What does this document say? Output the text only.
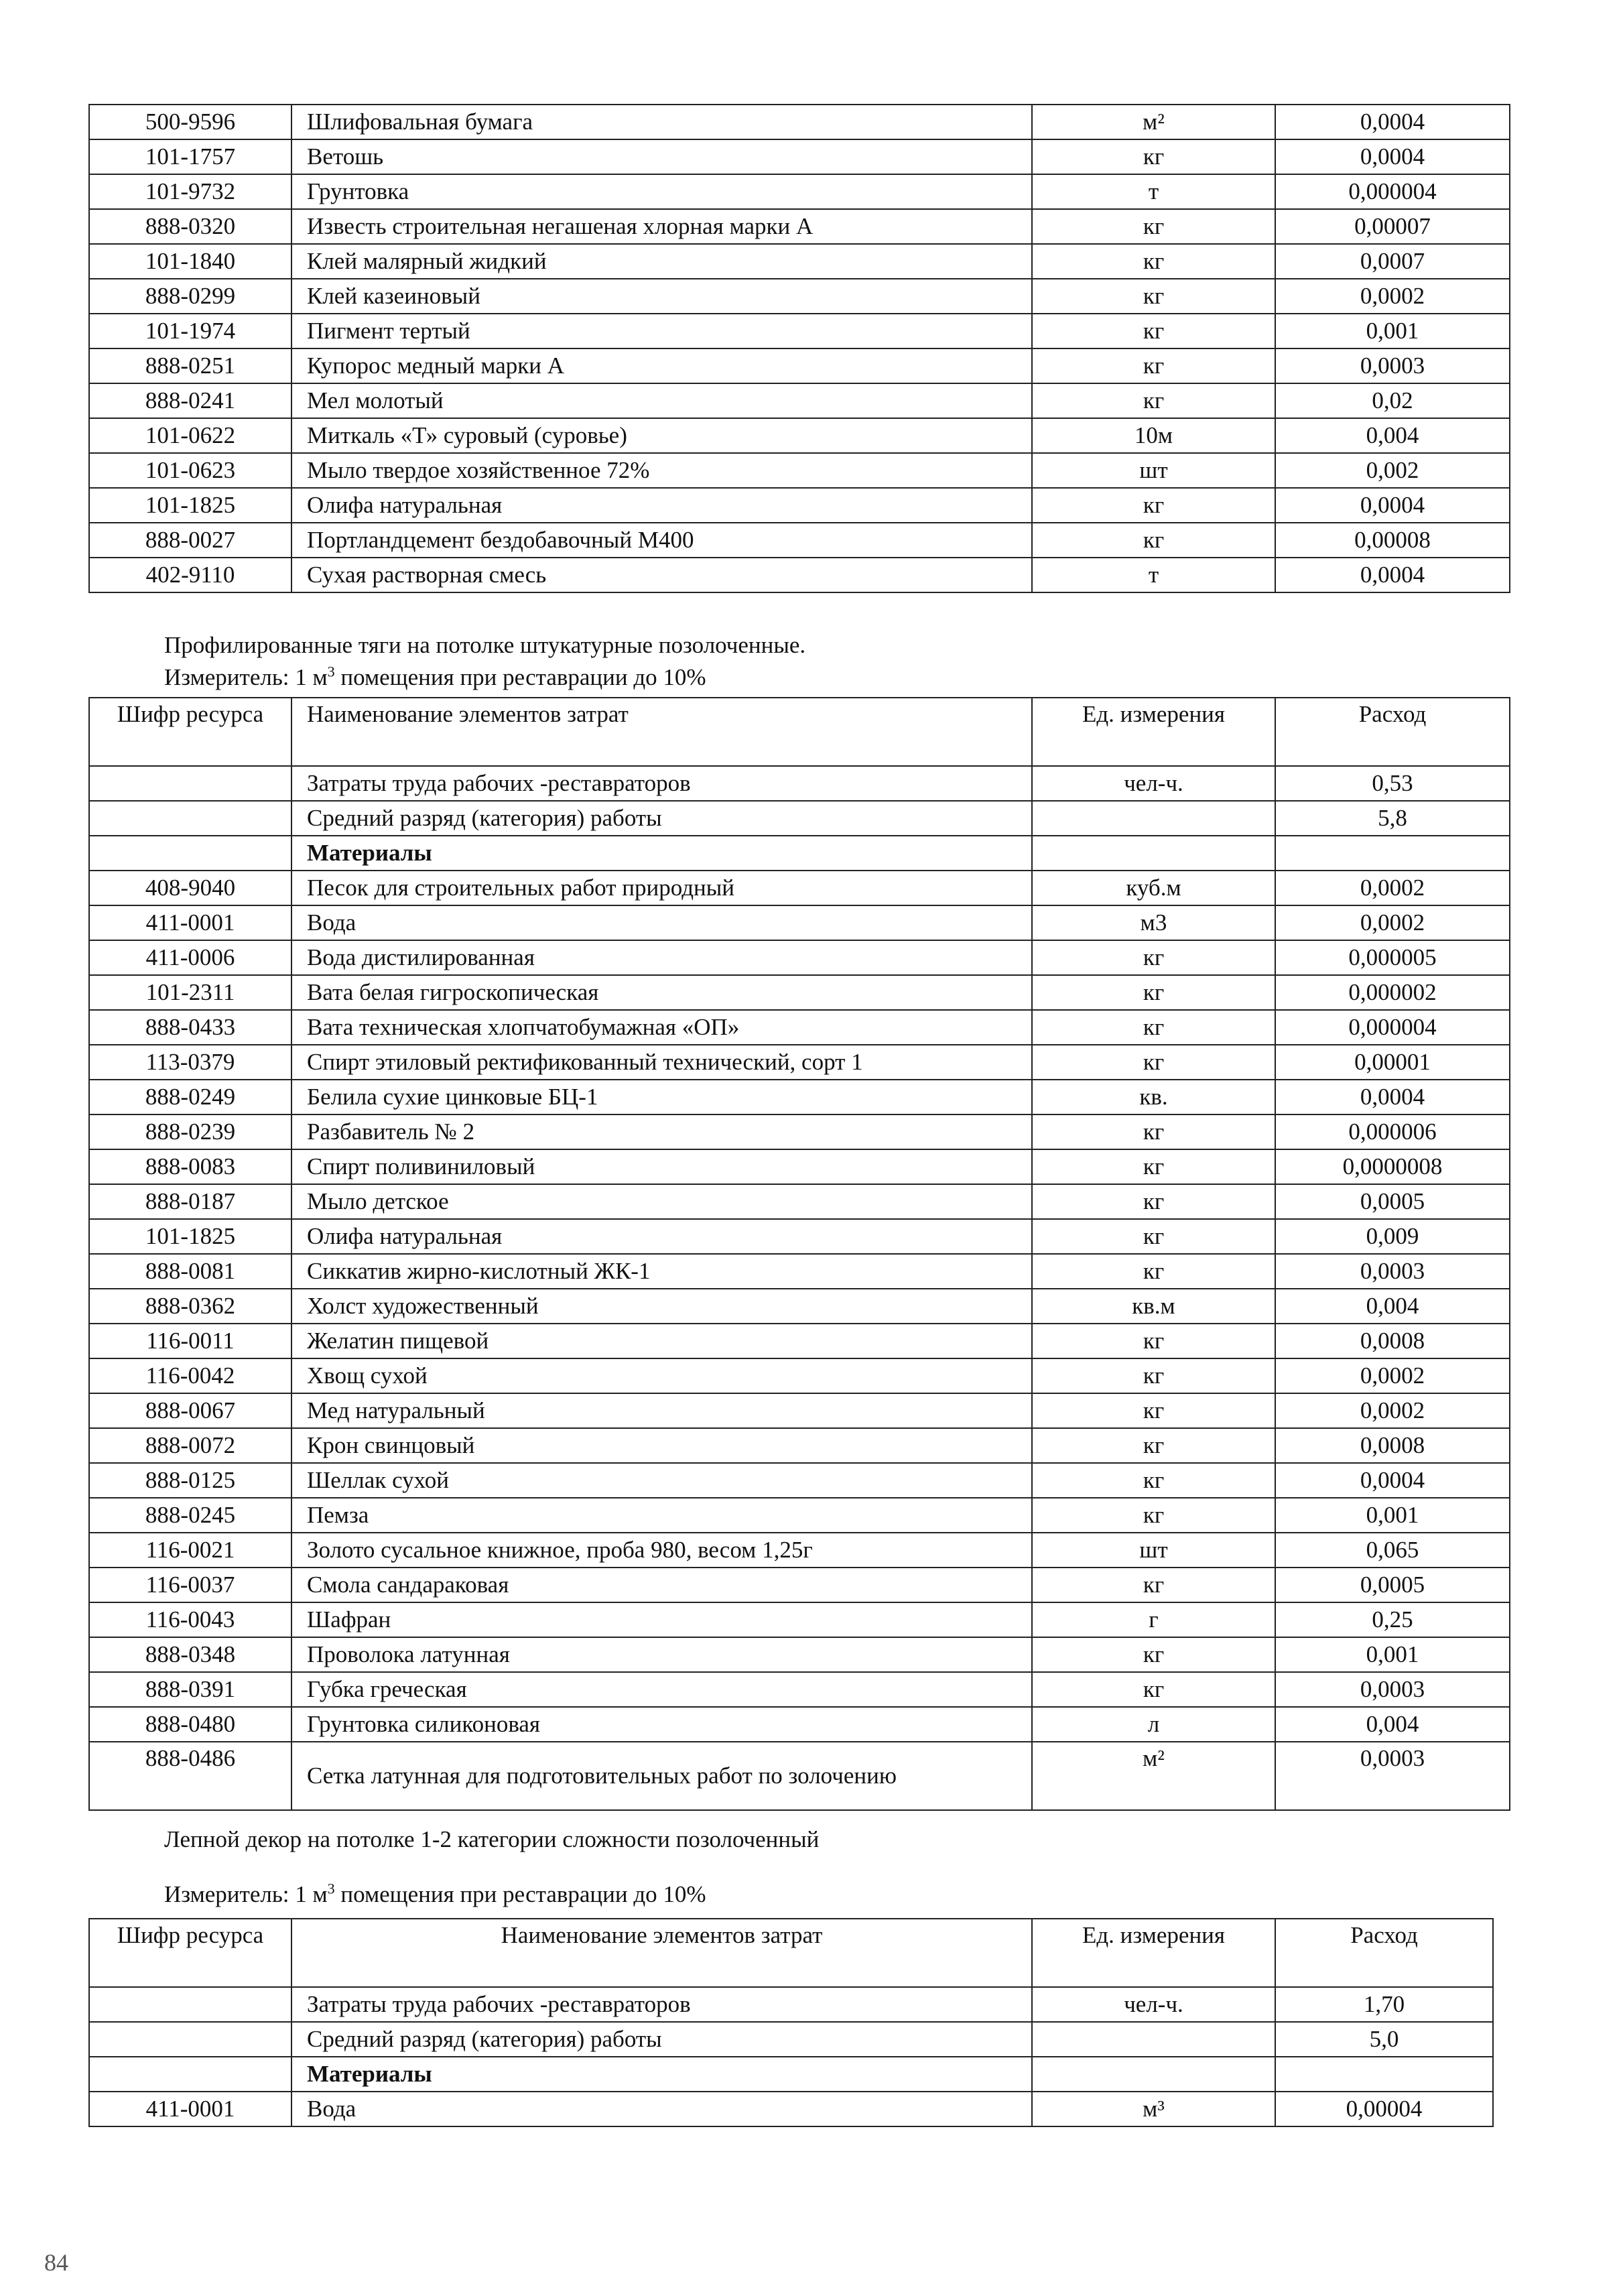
500-9596	Шлифовальная бумага	м²	0,0004
101-1757	Ветошь	кг	0,0004
101-9732	Грунтовка	т	0,000004
888-0320	Известь строительная негашеная хлорная марки А	кг	0,00007
101-1840	Клей малярный жидкий	кг	0,0007
888-0299	Клей казеиновый	кг	0,0002
101-1974	Пигмент тертый	кг	0,001
888-0251	Купорос медный марки А	кг	0,0003
888-0241	Мел молотый	кг	0,02
101-0622	Миткаль «Т» суровый (суровье)	10м	0,004
101-0623	Мыло твердое хозяйственное 72%	шт	0,002
101-1825	Олифа натуральная	кг	0,0004
888-0027	Портландцемент бездобавочный М400	кг	0,00008
402-9110	Сухая растворная смесь	т	0,0004
Профилированные тяги на потолке штукатурные позолоченные.
Измеритель: 1 $м^3$ помещения при реставрации до 10%
Шифр ресурса	Наименование элементов затрат	Ед. измерения	Расход
	Затраты труда рабочих -реставраторов	чел-ч.	0,53
	Средний разряд (категория) работы		5,8
	Материалы		
408-9040	Песок для строительных работ природный	куб.м	0,0002
411-0001	Вода	м3	0,0002
411-0006	Вода дистилированная	кг	0,000005
101-2311	Вата белая гигроскопическая	кг	0,000002
888-0433	Вата техническая хлопчатобумажная «ОП»	кг	0,000004
113-0379	Спирт этиловый ректификованный технический, сорт 1	кг	0,00001
888-0249	Белила сухие цинковые БЦ-1	кв.	0,0004
888-0239	Разбавитель № 2	кг	0,000006
888-0083	Спирт поливиниловый	кг	0,0000008
888-0187	Мыло детское	кг	0,0005
101-1825	Олифа натуральная	кг	0,009
888-0081	Сиккатив жирно-кислотный ЖК-1	кг	0,0003
888-0362	Холст художественный	кв.м	0,004
116-0011	Желатин пищевой	кг	0,0008
116-0042	Хвощ сухой	кг	0,0002
888-0067	Мед натуральный	кг	0,0002
888-0072	Крон свинцовый	кг	0,0008
888-0125	Шеллак сухой	кг	0,0004
888-0245	Пемза	кг	0,001
116-0021	Золото сусальное книжное, проба 980, весом 1,25г	шт	0,065
116-0037	Смола сандараковая	кг	0,0005
116-0043	Шафран	г	0,25
888-0348	Проволока латунная	кг	0,001
888-0391	Губка греческая	кг	0,0003
888-0480	Грунтовка силиконовая	л	0,004
888-0486	Сетка латунная для подготовительных работ по золочению	м²	0,0003
Лепной декор на потолке 1-2 категории сложности позолоченный
Измеритель: 1 $м^3$ помещения при реставрации до 10%
Шифр ресурса	Наименование элементов затрат	Ед. измерения	Расход
	Затраты труда рабочих -реставраторов	чел-ч.	1,70
	Средний разряд (категория) работы		5,0
	Материалы		
411-0001	Вода	м³	0,00004
84
